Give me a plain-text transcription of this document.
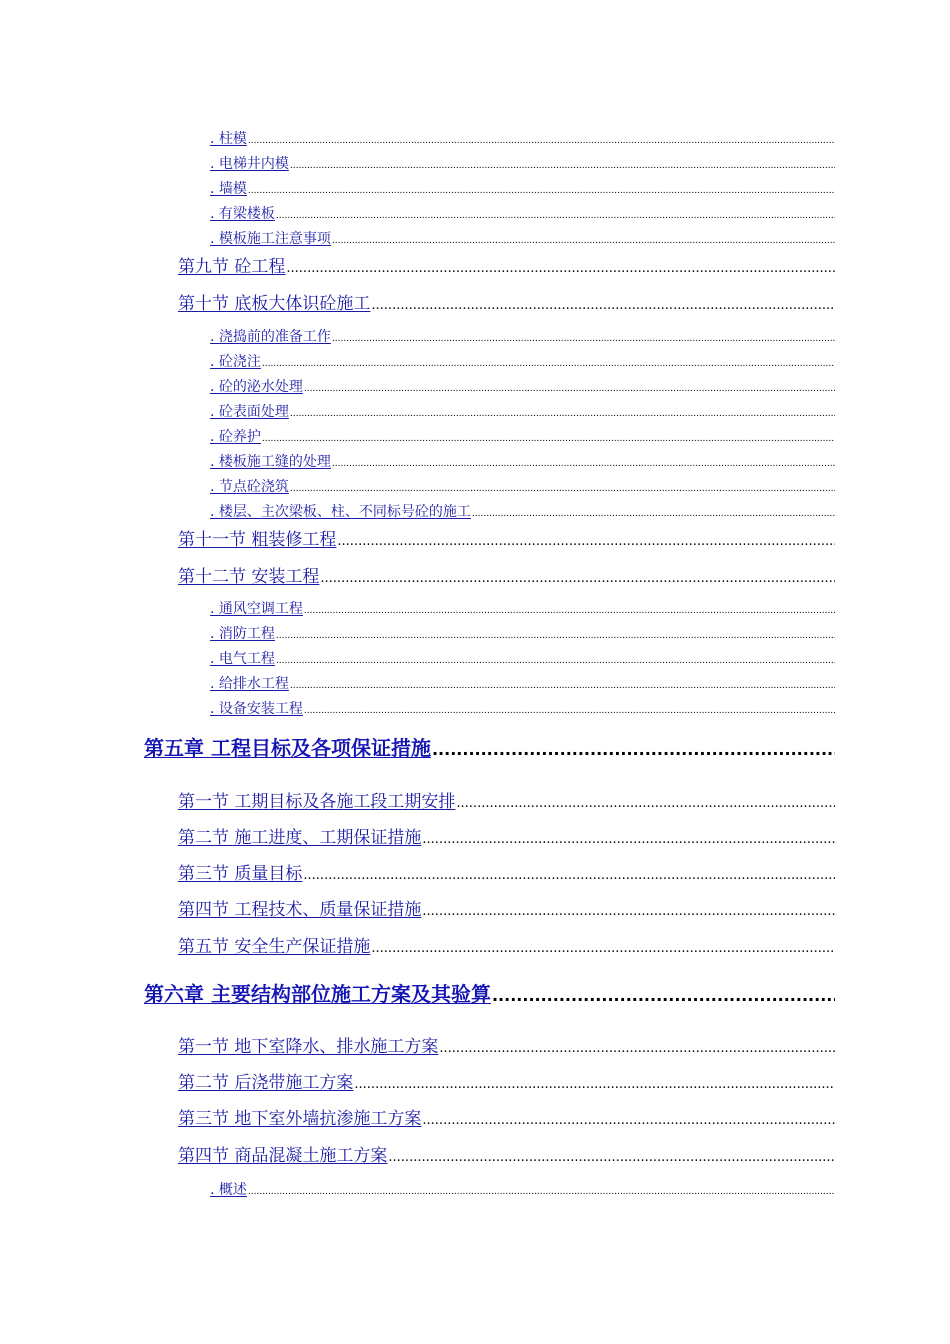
. 柱模
.....
. 电梯井内模
.....
. 墙模
.....
. 有梁楼板
.....
. 模板施工注意事项
.....
第九节 砼工程
.....
第十节 底板大体识砼施工
.....
. 浇捣前的准备工作
.....
. 砼浇注
.....
. 砼的泌水处理
.....
. 砼表面处理
.....
. 砼养护
.....
. 楼板施工缝的处理
.....
. 节点砼浇筑
.....
. 楼层、主次梁板、柱、不同标号砼的施工
.....
第十一节 粗装修工程
.....
第十二节 安装工程
.....
. 通风空调工程
.....
. 消防工程
.....
. 电气工程
.....
. 给排水工程
.....
. 设备安装工程
.....
第五章 工程目标及各项保证措施
.....
第一节 工期目标及各施工段工期安排
.....
第二节 施工进度、工期保证措施
.....
第三节 质量目标
.....
第四节 工程技术、质量保证措施
.....
第五节 安全生产保证措施
.....
第六章 主要结构部位施工方案及其验算
.....
第一节 地下室降水、排水施工方案
.....
第二节 后浇带施工方案
.....
第三节 地下室外墙抗渗施工方案
.....
第四节 商品混凝土施工方案
.....
. 概述
.....
